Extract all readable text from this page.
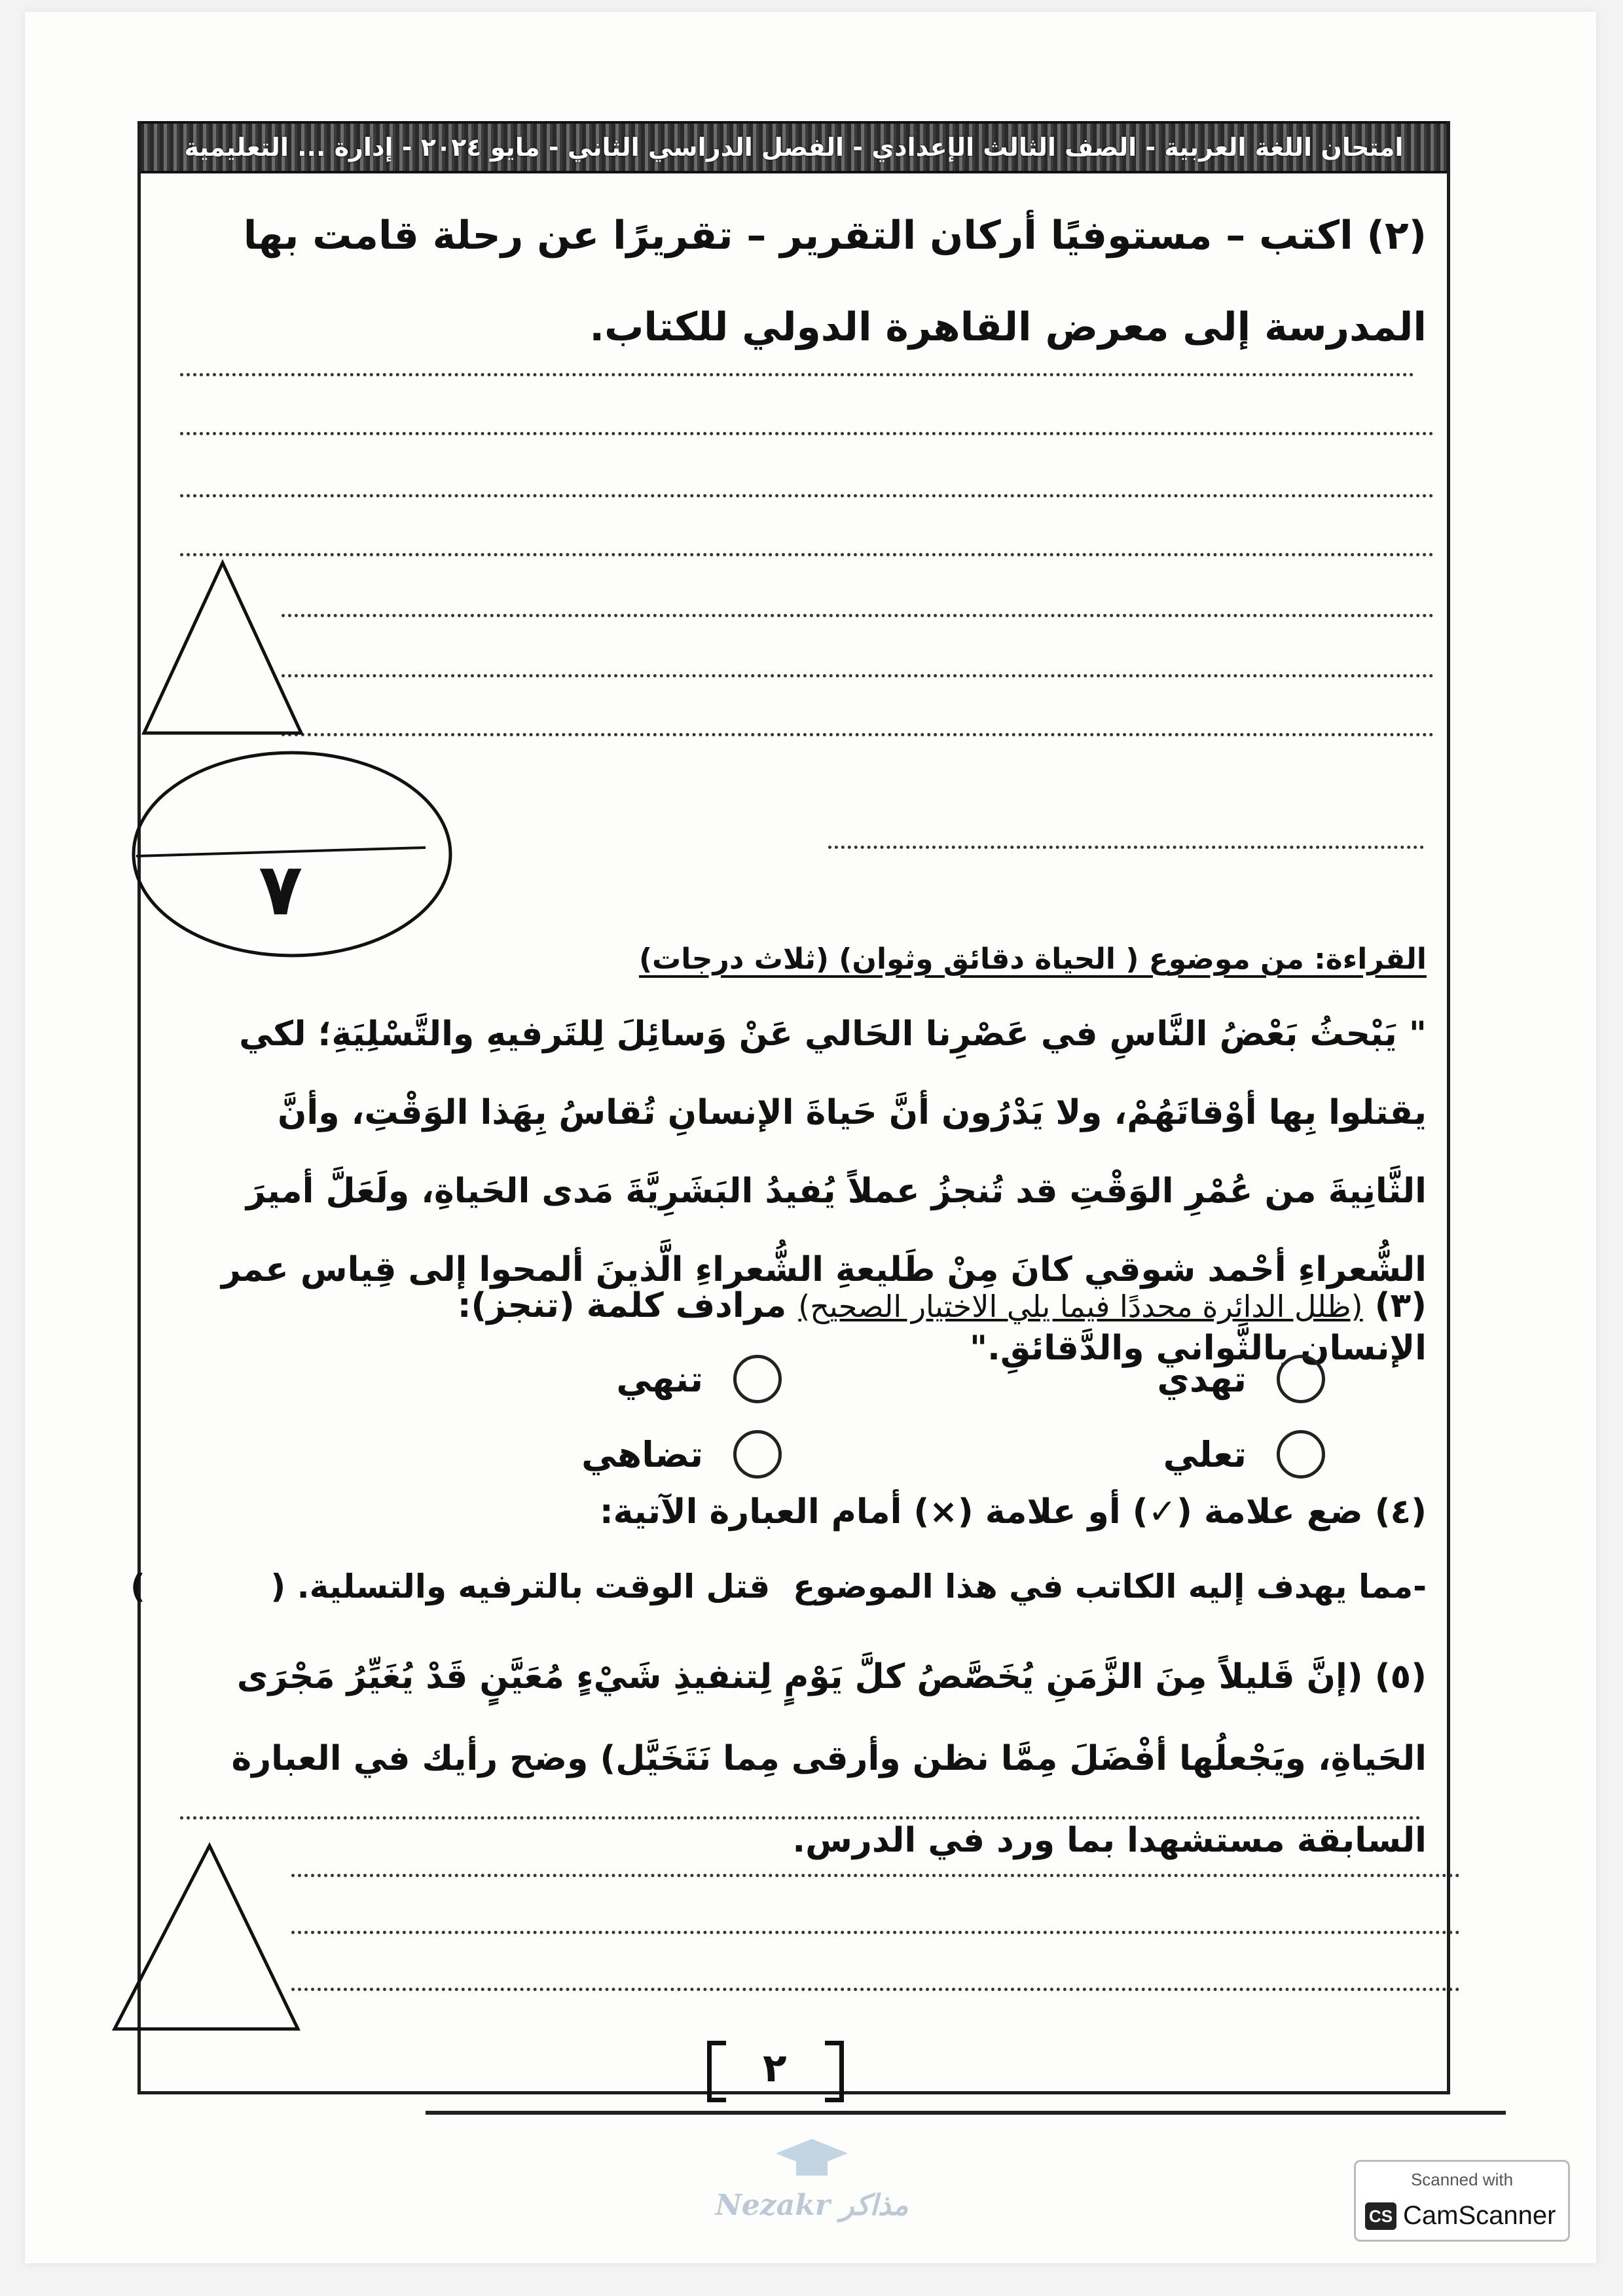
امتحان اللغة العربية - الصف الثالث الإعدادي - الفصل الدراسي الثاني - مايو ٢٠٢٤ - إدارة ... التعليمية
(٢) اكتب – مستوفيًا أركان التقرير – تقريرًا عن رحلة قامت بها المدرسة إلى معرض القاهرة الدولي للكتاب.
٧
القراءة: من موضوع ( الحياة دقائق وثوان) (ثلاث درجات)
" يَبْحثُ بَعْضُ النَّاسِ في عَصْرِنا الحَالي عَنْ وَسائِلَ لِلتَرفيهِ والتَّسْلِيَةِ؛ لكي يقتلوا بِها أوْقاتَهُمْ، ولا يَدْرُون أنَّ حَياةَ الإنسانِ تُقاسُ بِهَذا الوَقْتِ، وأنَّ الثَّانِيةَ من عُمْرِ الوَقْتِ قد تُنجزُ عملاً يُفيدُ البَشَرِيَّةَ مَدى الحَياةِ، ولَعَلَّ أميرَ الشُّعراءِ أحْمد شوقي كانَ مِنْ طَليعةِ الشُّعراءِ الَّذينَ ألمحوا إلى قِياس عمر الإنسان بالثَّواني والدَّقائقِ."
(٣) (ظلل الدائرة محددًا فيما يلي الاختيار الصحيح) مرادف كلمة (تنجز):
تهدي
تنهي
تعلي
تضاهي
(٤) ضع علامة (✓) أو علامة (×) أمام العبارة الآتية:
-مما يهدف إليه الكاتب في هذا الموضوع  قتل الوقت بالترفيه والتسلية. (           )
(٥) (إنَّ قَليلاً مِنَ الزَّمَنِ يُخَصَّصُ كلَّ يَوْمٍ لِتنفيذِ شَيْءٍ مُعَيَّنٍ قَدْ يُغَيِّرُ مَجْرَى الحَياةِ، ويَجْعلُها أفْضَلَ مِمَّا نظن وأرقى مِما نَتَخَيَّل) وضح رأيك في العبارة السابقة مستشهدا بما ورد في الدرس.
٢
Nezakr مذاكر
Scanned with
CS CamScanner
